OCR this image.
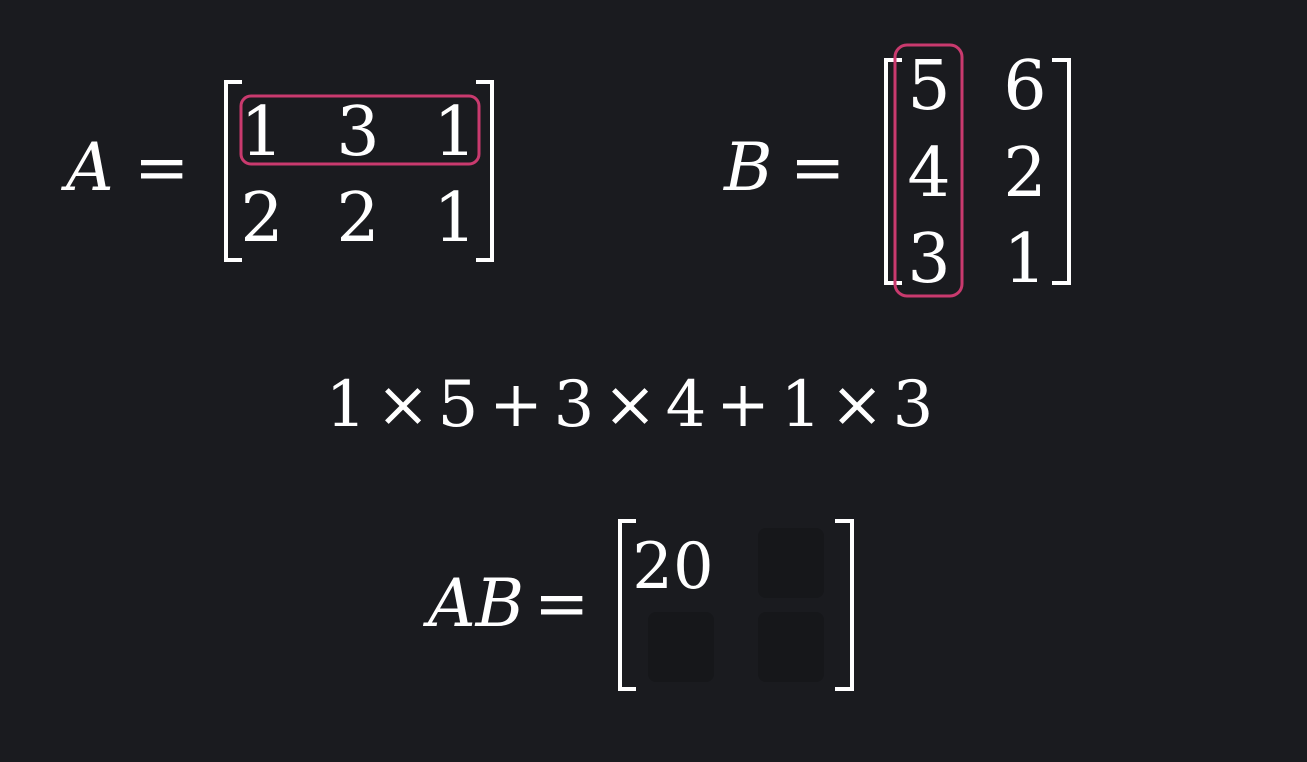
A = 1 3 1
2 2 1
B =
5 6
4 2
3 1
1 × 5 + 3 × 4 + 1 × 3
AB = 20
